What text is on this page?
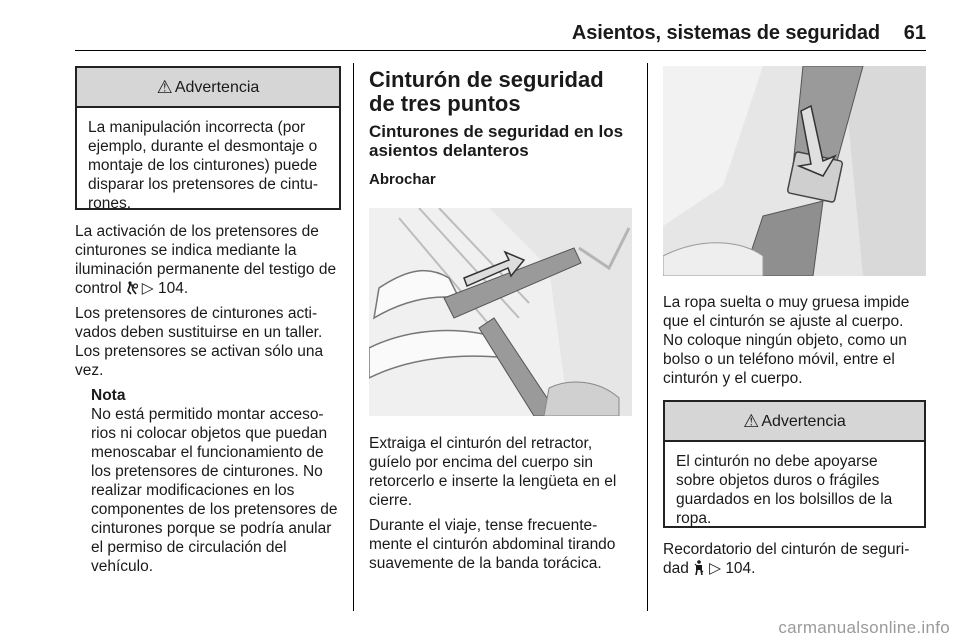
Asientos, sistemas de seguridad	61
⚠ Advertencia
La manipulación incorrecta (por ejemplo, durante el desmontaje o montaje de los cinturones) puede disparar los pretensores de cintu-rones.

La activación de los pretensores de cinturones se indica mediante la iluminación permanente del testigo de control ▷ 104.

Los pretensores de cinturones acti-vados deben sustituirse en un taller. Los pretensores se activan sólo una vez.

Nota
No está permitido montar acceso-rios ni colocar objetos que puedan menoscabar el funcionamiento de los pretensores de cinturones. No realizar modificaciones en los componentes de los pretensores de cinturones porque se podría anular el permiso de circulación del vehículo.
Cinturón de seguridad de tres puntos
Cinturones de seguridad en los asientos delanteros
Abrochar

Extraiga el cinturón del retractor, guíelo por encima del cuerpo sin retorcerlo e inserte la lengüeta en el cierre.

Durante el viaje, tense frecuente-mente el cinturón abdominal tirando suavemente de la banda torácica.

La ropa suelta o muy gruesa impide que el cinturón se ajuste al cuerpo. No coloque ningún objeto, como un bolso o un teléfono móvil, entre el cinturón y el cuerpo.

⚠ Advertencia
El cinturón no debe apoyarse sobre objetos duros o frágiles guardados en los bolsillos de la ropa.

Recordatorio del cinturón de seguri-dad ▷ 104.

carmanualsonline.info
